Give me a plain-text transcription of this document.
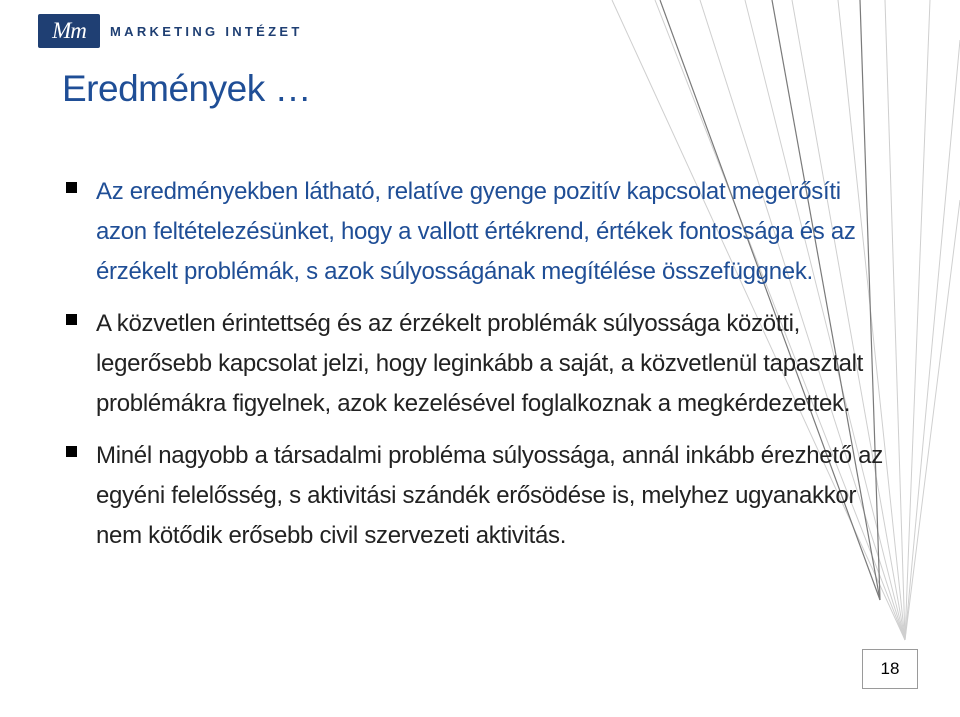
Mm	MARKETING INTÉZET
Eredmények …
Az eredményekben látható, relatíve gyenge pozitív kapcsolat megerősíti azon feltételezésünket, hogy a vallott értékrend, értékek fontossága és az érzékelt problémák, s azok súlyosságának megítélése összefüggnek.
A közvetlen érintettség és az érzékelt problémák súlyossága közötti, legerősebb kapcsolat jelzi, hogy leginkább a saját, a közvetlenül tapasztalt problémákra figyelnek, azok kezelésével foglalkoznak a megkérdezettek.
Minél nagyobb a társadalmi probléma súlyossága, annál inkább érezhető az egyéni felelősség, s aktivitási szándék erősödése is, melyhez ugyanakkor nem kötődik erősebb civil szervezeti aktivitás.
18
